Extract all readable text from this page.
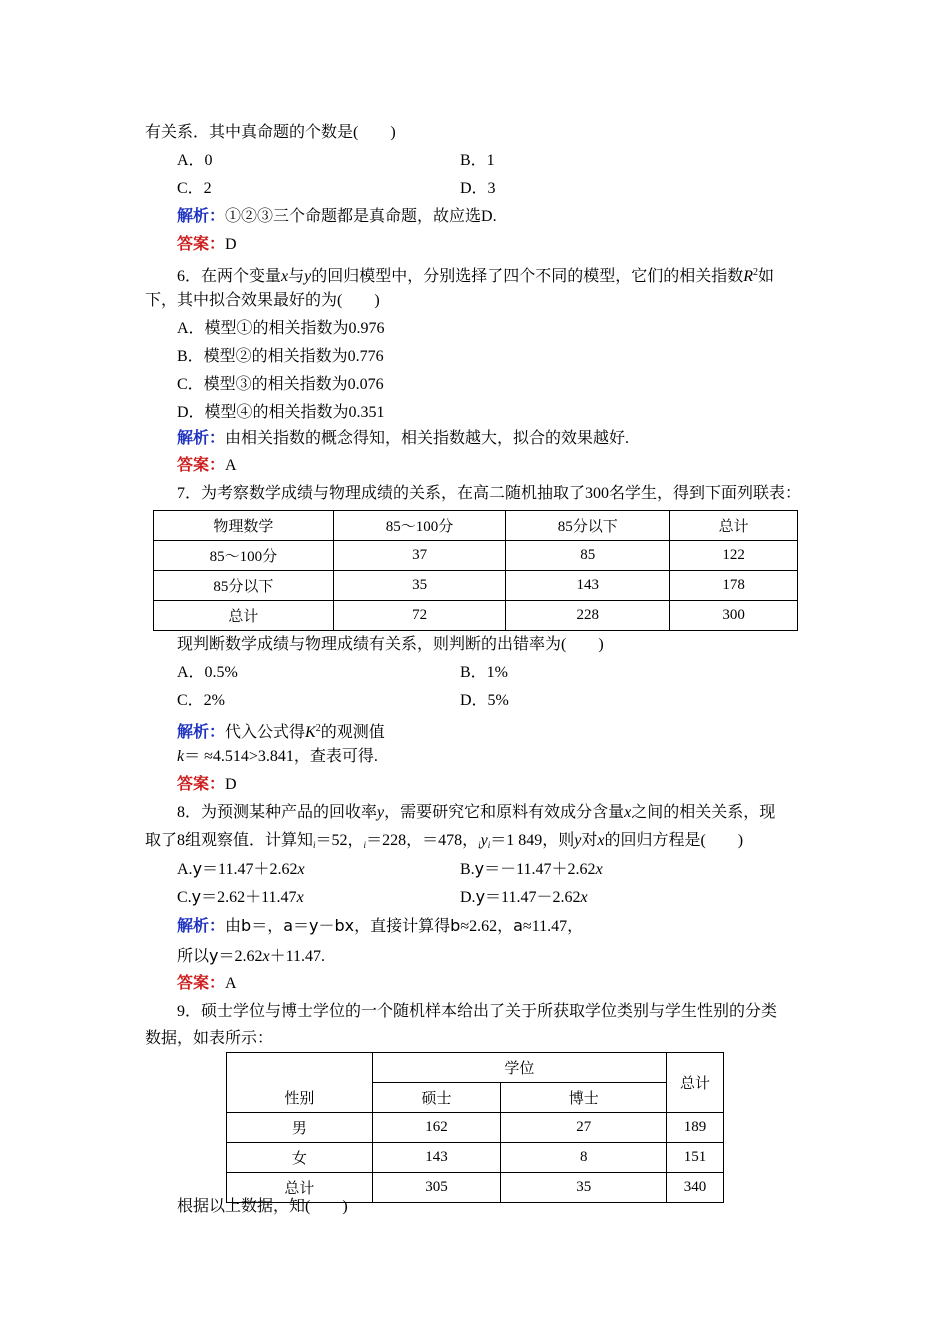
有关系．其中真命题的个数是(　　)
A．0	B．1
C．2	D．3
解析：①②③三个命题都是真命题，故应选D.
答案：D
6．在两个变量x与y的回归模型中，分别选择了四个不同的模型，它们的相关指数$R^2$如
下，其中拟合效果最好的为(　　)
A．模型①的相关指数为0.976
B．模型②的相关指数为0.776
C．模型③的相关指数为0.076
D．模型④的相关指数为0.351
解析：由相关指数的概念得知，相关指数越大，拟合的效果越好.
答案：A
7．为考察数学成绩与物理成绩的关系，在高二随机抽取了300名学生，得到下面列联表：
物理数学	85～100分	85分以下	总计
85～100分	37	85	122
85分以下	35	143	178
总计	72	228	300
现判断数学成绩与物理成绩有关系，则判断的出错率为(　　)
A．0.5%	B．1%
C．2%	D．5%
解析：代入公式得$K^2$的观测值
k＝ ≈4.514>3.841，查表可得.
答案：D
8．为预测某种产品的回收率y，需要研究它和原料有效成分含量x之间的相关关系，现
取了8组观察值．计算知$_i$＝52，$_i$＝228，＝478，$_iy_i=1$ 849，则y对x的回归方程是(　　)
A.y＝11.47＋2.62x	B.y＝－11.47＋2.62x
C.y＝2.62＋11.47x	D.y＝11.47－2.62x
解析：由b＝，a＝y－bx，直接计算得b≈2.62，a≈11.47，
所以y＝2.62x＋11.47.
答案：A
9．硕士学位与博士学位的一个随机样本给出了关于所获取学位类别与学生性别的分类
数据，如表所示：
	学位		总计
性别	硕士	博士	
男	162	27	189
女	143	8	151
总计	305	35	340
根据以上数据，知(　　)
